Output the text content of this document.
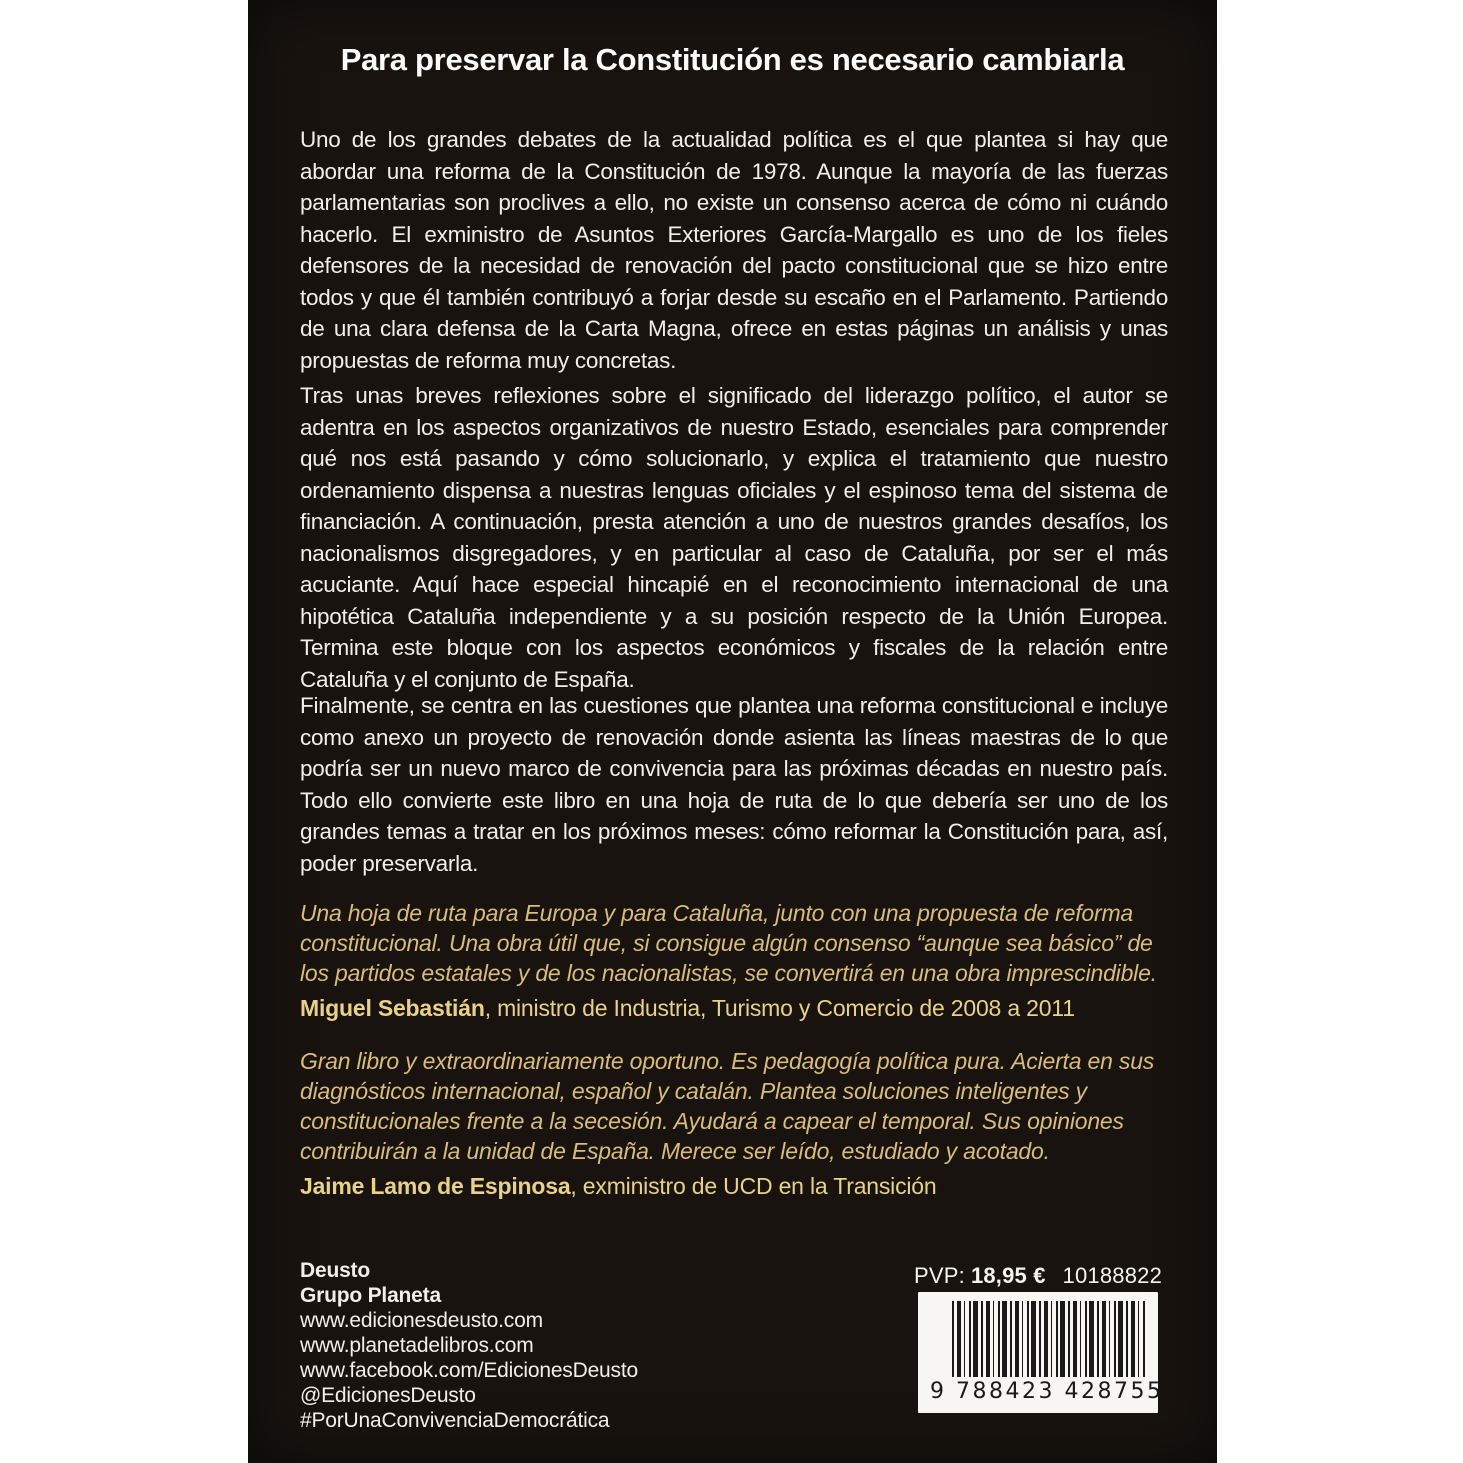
Para preservar la Constitución es necesario cambiarla

Uno de los grandes debates de la actualidad política es el que plantea si hay que abordar una reforma de la Constitución de 1978. Aunque la mayoría de las fuerzas parlamentarias son proclives a ello, no existe un consenso acerca de cómo ni cuándo hacerlo. El exministro de Asuntos Exteriores García-Margallo es uno de los fieles defensores de la necesidad de renovación del pacto constitucional que se hizo entre todos y que él también contribuyó a forjar desde su escaño en el Parlamento. Partiendo de una clara defensa de la Carta Magna, ofrece en estas páginas un análisis y unas propuestas de reforma muy concretas.

Tras unas breves reflexiones sobre el significado del liderazgo político, el autor se adentra en los aspectos organizativos de nuestro Estado, esenciales para comprender qué nos está pasando y cómo solucionarlo, y explica el tratamiento que nuestro ordenamiento dispensa a nuestras lenguas oficiales y el espinoso tema del sistema de financiación. A continuación, presta atención a uno de nuestros grandes desafíos, los nacionalismos disgregadores, y en particular al caso de Cataluña, por ser el más acuciante. Aquí hace especial hincapié en el reconocimiento internacional de una hipotética Cataluña independiente y a su posición respecto de la Unión Europea. Termina este bloque con los aspectos económicos y fiscales de la relación entre Cataluña y el conjunto de España.

Finalmente, se centra en las cuestiones que plantea una reforma constitucional e incluye como anexo un proyecto de renovación donde asienta las líneas maestras de lo que podría ser un nuevo marco de convivencia para las próximas décadas en nuestro país. Todo ello convierte este libro en una hoja de ruta de lo que debería ser uno de los grandes temas a tratar en los próximos meses: cómo reformar la Constitución para, así, poder preservarla.

Una hoja de ruta para Europa y para Cataluña, junto con una propuesta de reforma constitucional. Una obra útil que, si consigue algún consenso “aunque sea básico” de los partidos estatales y de los nacionalistas, se convertirá en una obra imprescindible.

Miguel Sebastián, ministro de Industria, Turismo y Comercio de 2008 a 2011

Gran libro y extraordinariamente oportuno. Es pedagogía política pura. Acierta en sus diagnósticos internacional, español y catalán. Plantea soluciones inteligentes y constitucionales frente a la secesión. Ayudará a capear el temporal. Sus opiniones contribuirán a la unidad de España. Merece ser leído, estudiado y acotado.

Jaime Lamo de Espinosa, exministro de UCD en la Transición

Deusto
Grupo Planeta
www.edicionesdeusto.com
www.planetadelibros.com
www.facebook.com/EdicionesDeusto
@EdicionesDeusto
#PorUnaConvivenciaDemocrática
PVP: 18,95 € 10188822
9 788423 428755
